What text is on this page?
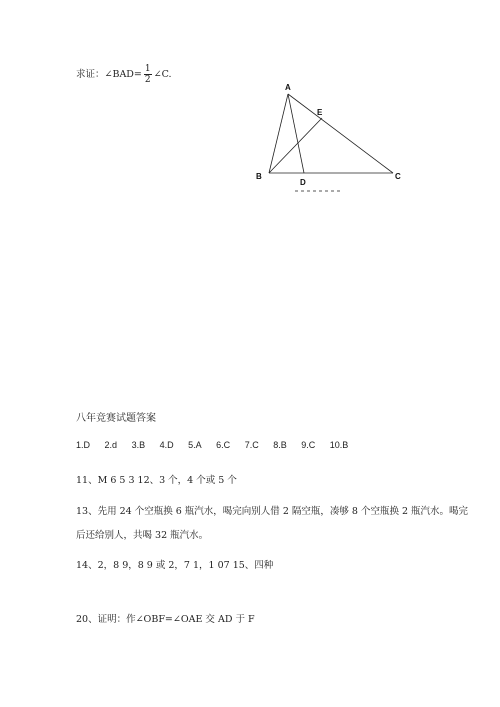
求证：∠BAD= $\frac{1}{2}$ ∠C.
A
E
B
D
C
八年竞赛试题答案
1.D 2.d 3.B 4.D 5.A 6.C 7.C 8.B 9.C 10.B
11、M 6 5 3 12、3 个，4 个或 5 个
13、先用 24 个空瓶换 6 瓶汽水，喝完向别人借 2 隔空瓶，凑够 8 个空瓶换 2 瓶汽水。喝完
后还给别人，共喝 32 瓶汽水。
14、2，8 9，8 9 或 2，7 1，1 07 15、四种
20、证明：作∠OBF=∠OAE 交 AD 于 F
